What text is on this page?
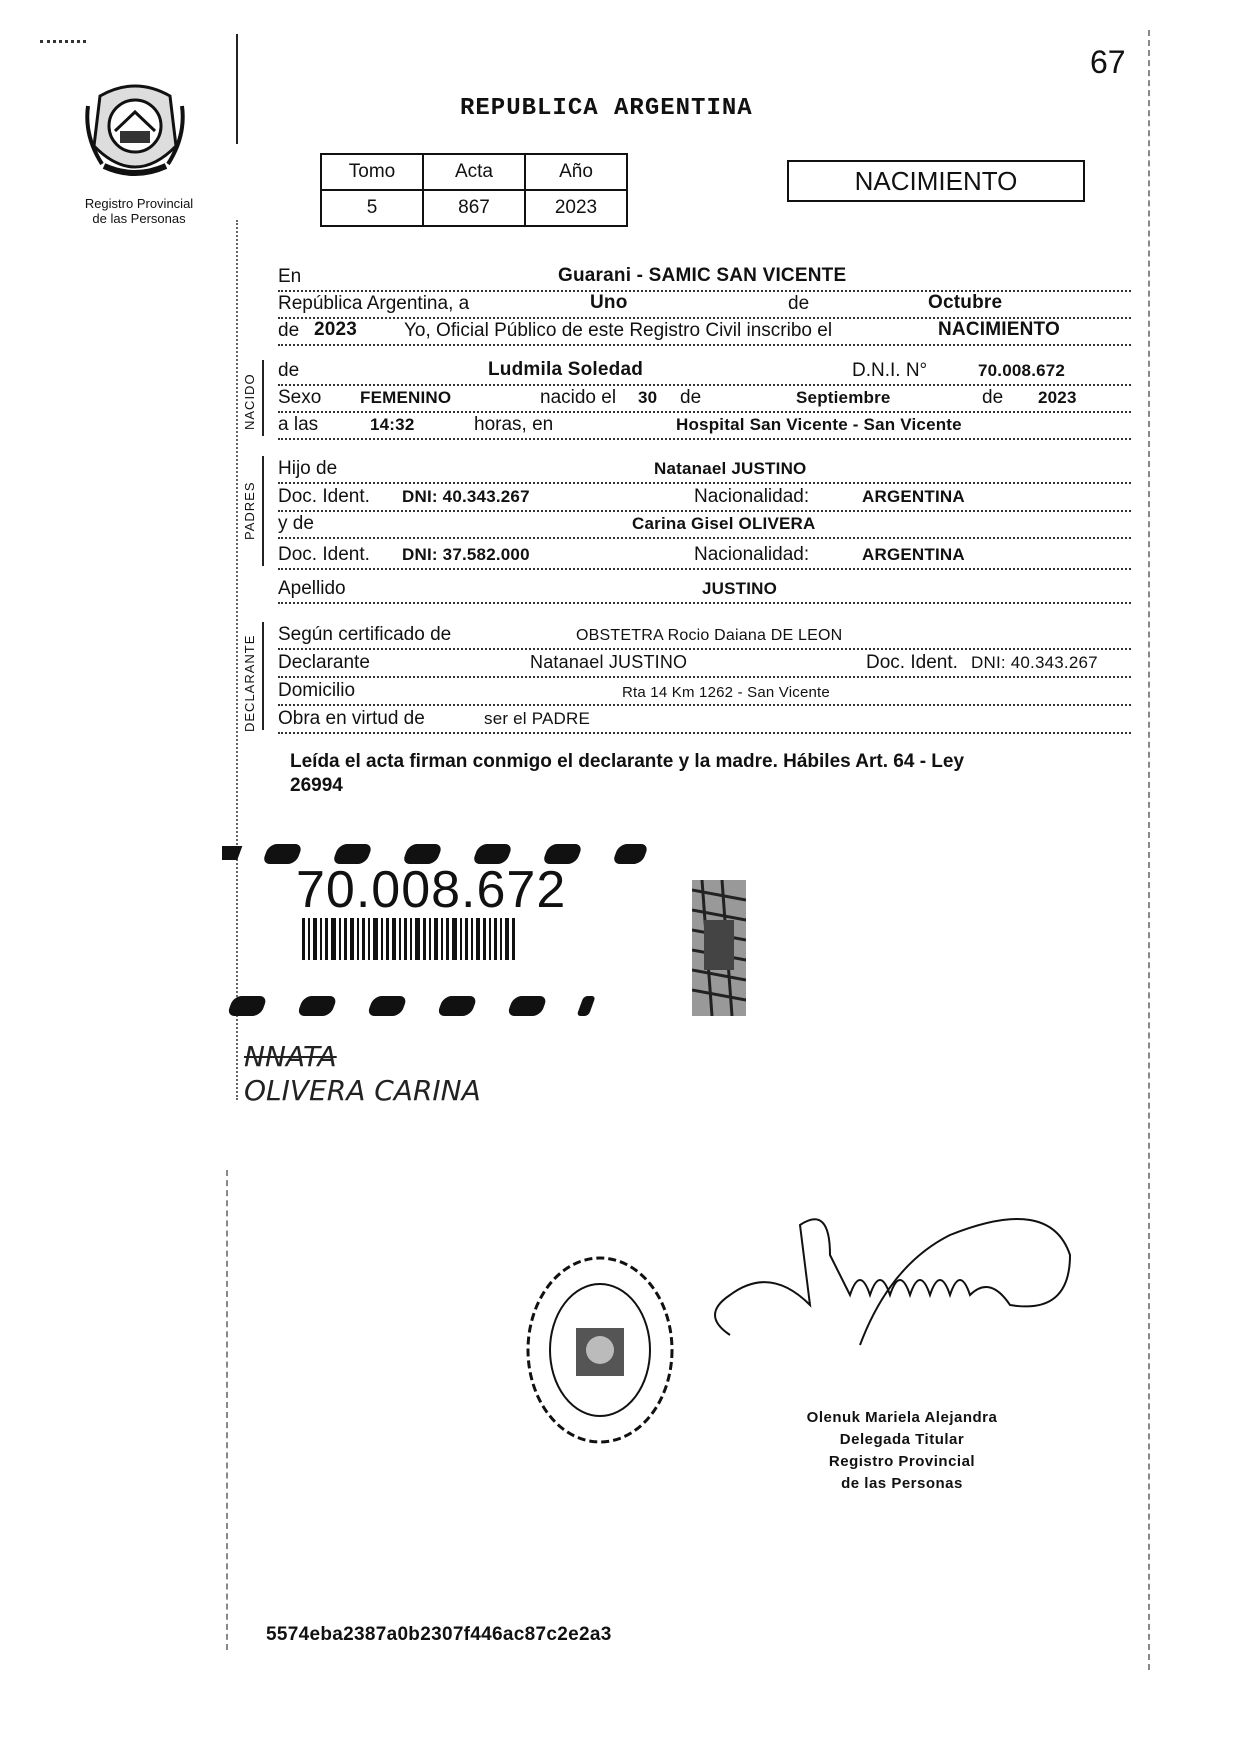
67
Registro Provincial
de las Personas
REPUBLICA ARGENTINA
Tomo	Acta	Año
5	867	2023
NACIMIENTO
NACIDO
PADRES
DECLARANTE
En	Guarani - SAMIC SAN VICENTE
República Argentina, a	Uno	de	Octubre
de 2023 Yo, Oficial Público de este Registro Civil inscribo el	NACIMIENTO
de	Ludmila Soledad	D.N.I. N°	70.008.672
Sexo FEMENINO	nacido el 30 de	Septiembre	de 2023
a las	14:32	horas, en	Hospital San Vicente - San Vicente
Hijo de	Natanael JUSTINO
Doc. Ident. DNI: 40.343.267	Nacionalidad:	ARGENTINA
y de	Carina Gisel OLIVERA
Doc. Ident. DNI: 37.582.000	Nacionalidad:	ARGENTINA
Apellido	JUSTINO
Según certificado de	OBSTETRA Rocio Daiana DE LEON
Declarante	Natanael JUSTINO	Doc. Ident. DNI: 40.343.267
Domicilio	Rta 14 Km 1262 - San Vicente
Obra en virtud de	ser el PADRE
Leída el acta firman conmigo el declarante y la madre. Hábiles Art. 64 - Ley
26994
70.008.672
NNATA
OLIVERA CARINA
Olenuk Mariela Alejandra
Delegada Titular
Registro Provincial
de las Personas
5574eba2387a0b2307f446ac87c2e2a3
